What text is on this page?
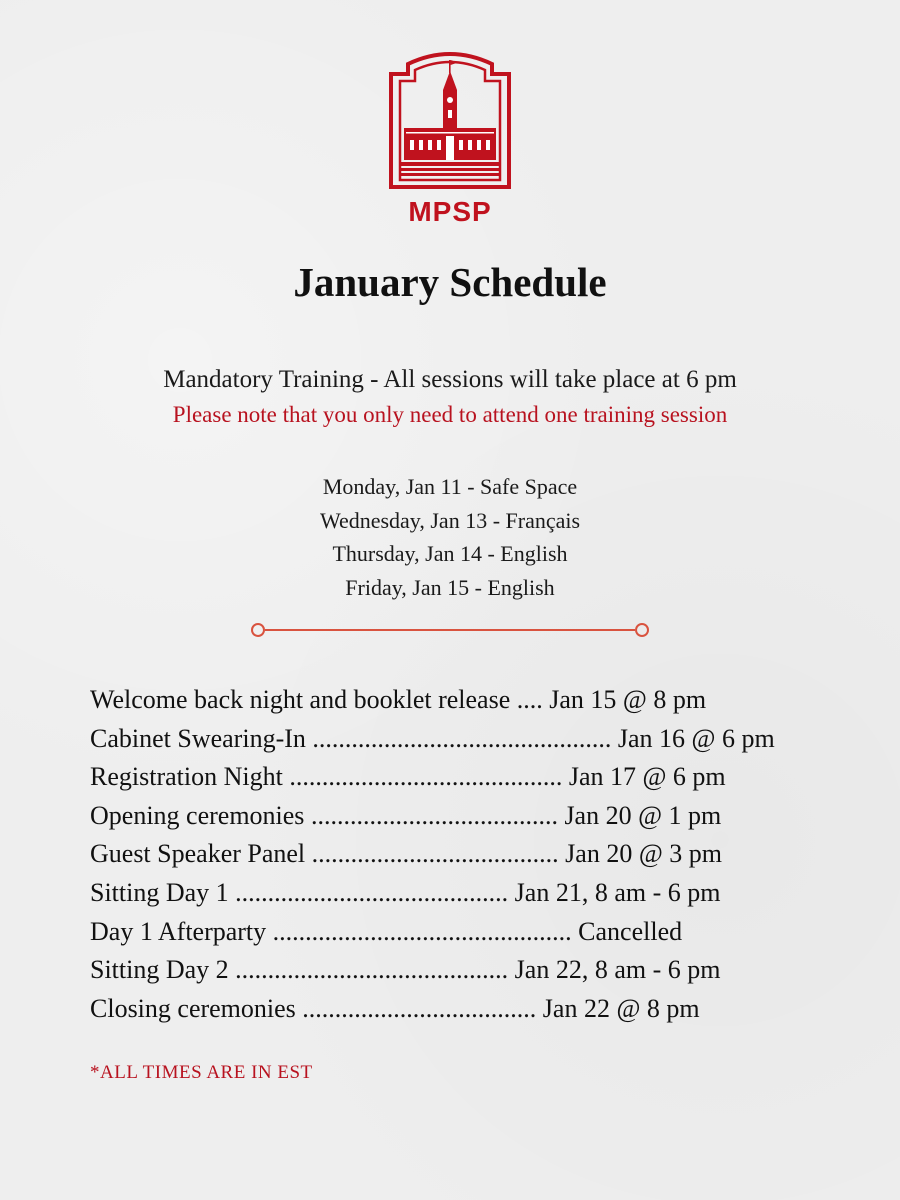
MPSP
January Schedule
Mandatory Training - All sessions will take place at 6 pm
Please note that you only need to attend one training session
Monday, Jan 11 - Safe Space
Wednesday, Jan 13 - Français
Thursday, Jan 14 - English
Friday, Jan 15 - English
Welcome back night and booklet release .... Jan 15 @ 8 pm
Cabinet Swearing-In .............................................. Jan 16 @ 6 pm
Registration Night .......................................... Jan 17 @ 6 pm
Opening ceremonies ...................................... Jan 20 @ 1 pm
Guest Speaker Panel ...................................... Jan 20 @ 3 pm
Sitting Day 1 .......................................... Jan 21, 8 am - 6 pm
Day 1 Afterparty .............................................. Cancelled
Sitting Day 2 .......................................... Jan 22, 8 am - 6 pm
Closing ceremonies .................................... Jan 22 @ 8 pm
*ALL TIMES ARE IN EST
